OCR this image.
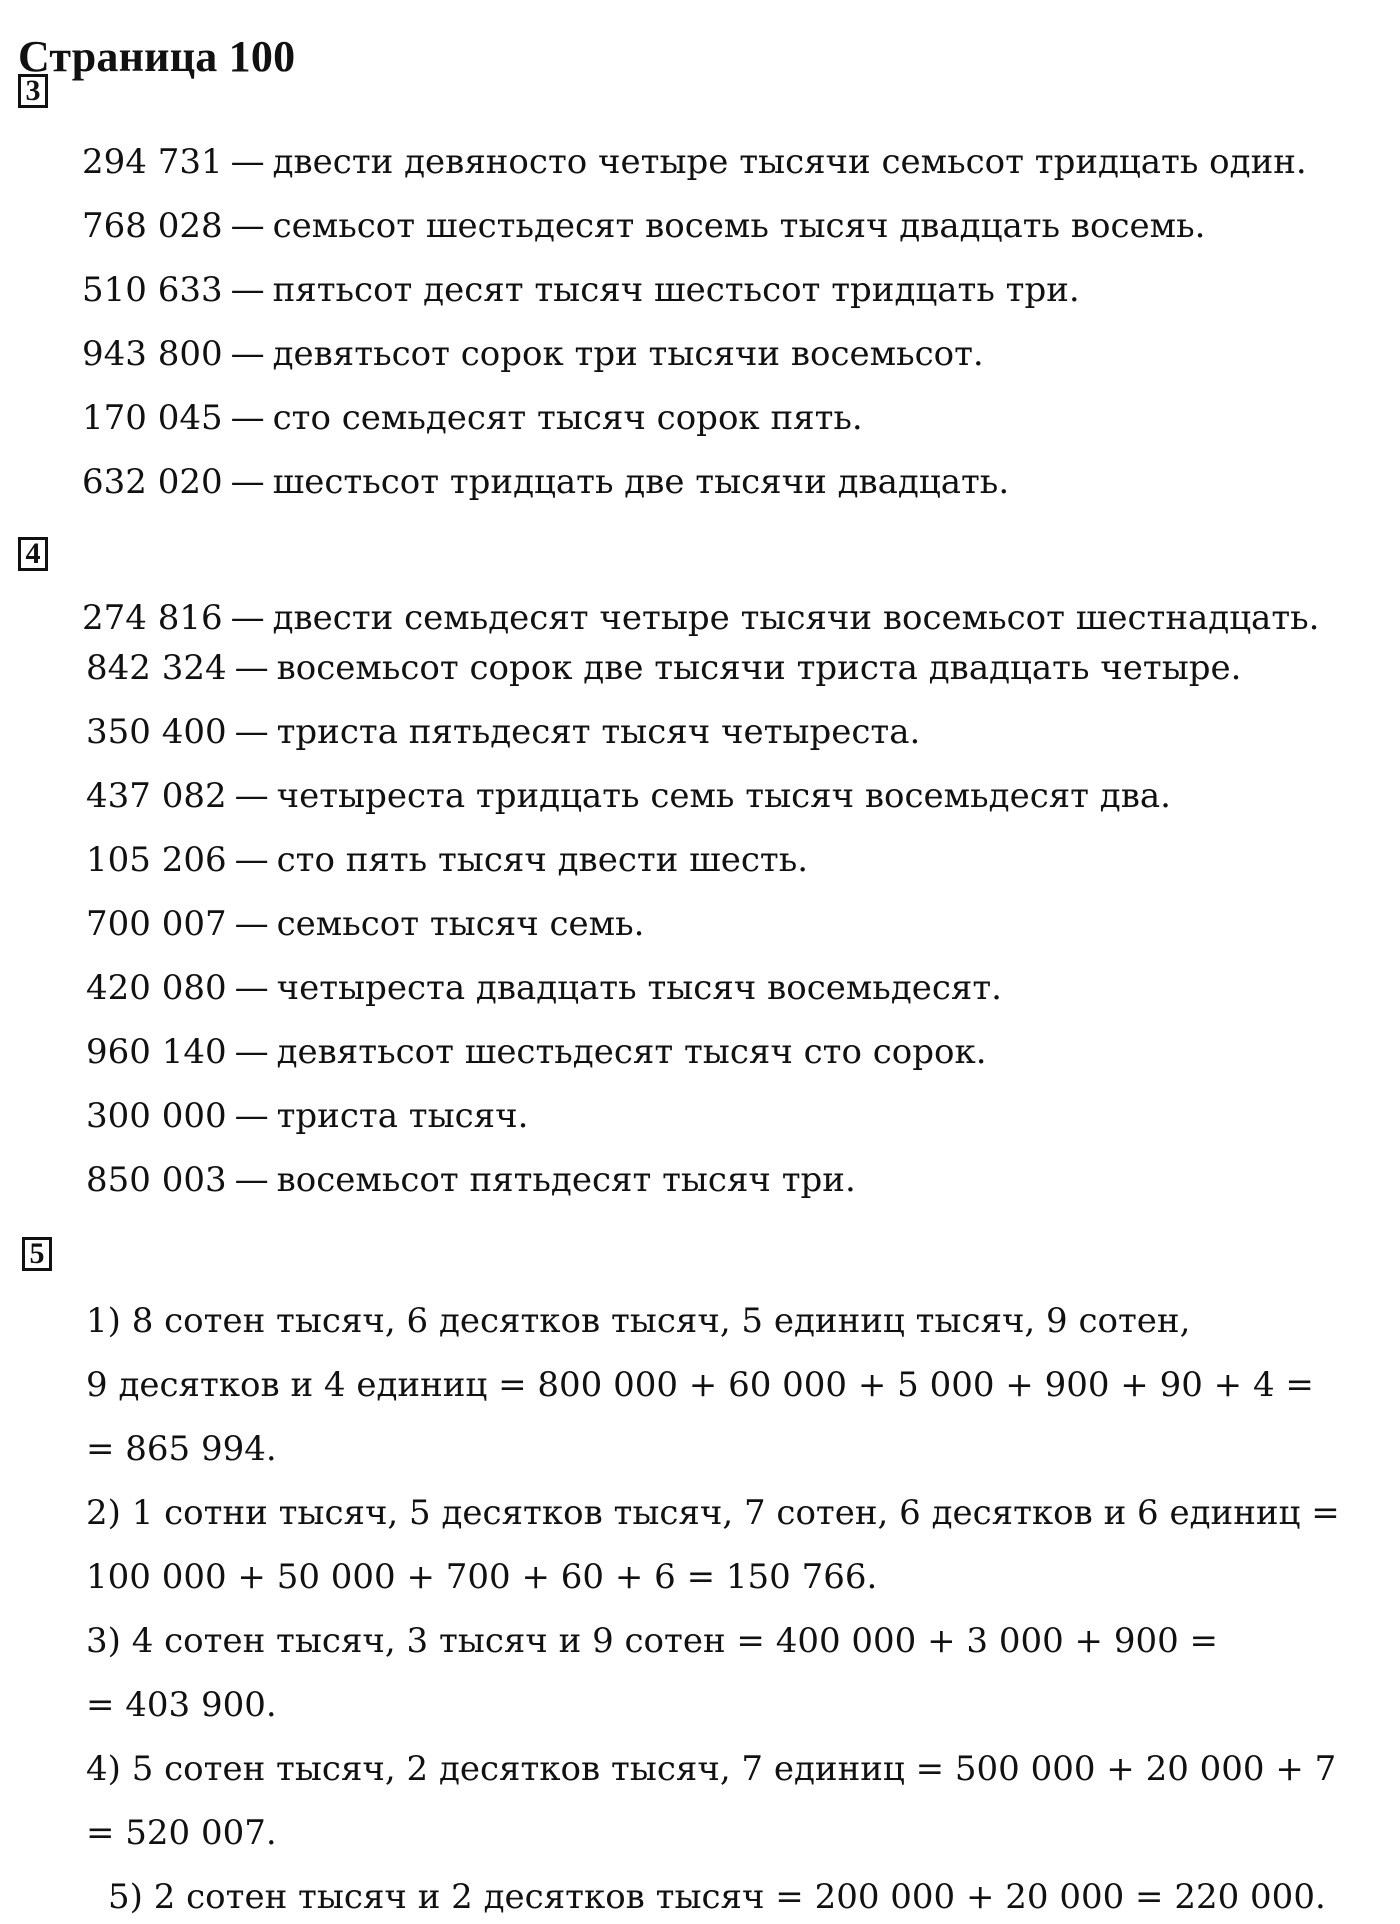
Страница 100
3
294 731 — двести девяносто четыре тысячи семьсот тридцать один.
768 028 — семьсот шестьдесят восемь тысяч двадцать восемь.
510 633 — пятьсот десят тысяч шестьсот тридцать три.
943 800 — девятьсот сорок три тысячи восемьсот.
170 045 — сто семьдесят тысяч сорок пять.
632 020 — шестьсот тридцать две тысячи двадцать.
4
274 816 — двести семьдесят четыре тысячи восемьсот шестнадцать.
842 324 — восемьсот сорок две тысячи триста двадцать четыре.
350 400 — триста пятьдесят тысяч четыреста.
437 082 — четыреста тридцать семь тысяч восемьдесят два.
105 206 — сто пять тысяч двести шесть.
700 007 — семьсот тысяч семь.
420 080 — четыреста двадцать тысяч восемьдесят.
960 140 — девятьсот шестьдесят тысяч сто сорок.
300 000 — триста тысяч.
850 003 — восемьсот пятьдесят тысяч три.
5
1) 8 сотен тысяч, 6 десятков тысяч, 5 единиц тысяч, 9 сотен,
9 десятков и 4 единиц = 800 000 + 60 000 + 5 000 + 900 + 90 + 4 =
= 865 994.
2) 1 сотни тысяч, 5 десятков тысяч, 7 сотен, 6 десятков и 6 единиц =
100 000 + 50 000 + 700 + 60 + 6 = 150 766.
3) 4 сотен тысяч, 3 тысяч и 9 сотен = 400 000 + 3 000 + 900 =
= 403 900.
4) 5 сотен тысяч, 2 десятков тысяч, 7 единиц = 500 000 + 20 000 + 7
= 520 007.
5) 2 сотен тысяч и 2 десятков тысяч = 200 000 + 20 000 = 220 000.
